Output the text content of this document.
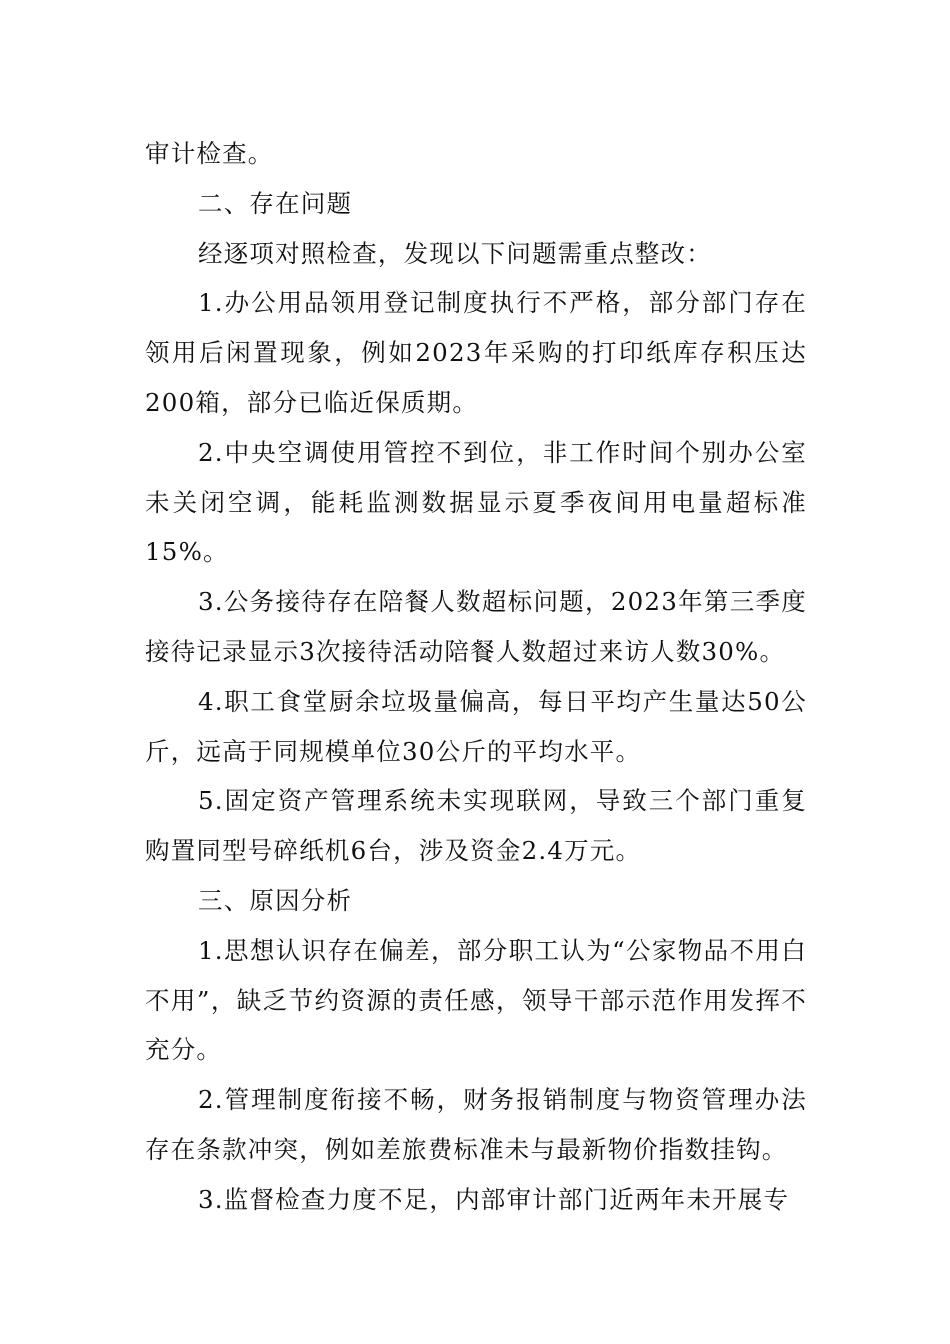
审计检查。

二、存在问题

经逐项对照检查，发现以下问题需重点整改：

1.办公用品领用登记制度执行不严格，部分部门存在领用后闲置现象，例如2023年采购的打印纸库存积压达200箱，部分已临近保质期。

2.中央空调使用管控不到位，非工作时间个别办公室未关闭空调，能耗监测数据显示夏季夜间用电量超标准15%。

3.公务接待存在陪餐人数超标问题，2023年第三季度接待记录显示3次接待活动陪餐人数超过来访人数30%。

4.职工食堂厨余垃圾量偏高，每日平均产生量达50公斤，远高于同规模单位30公斤的平均水平。

5.固定资产管理系统未实现联网，导致三个部门重复购置同型号碎纸机6台，涉及资金2.4万元。

三、原因分析

1.思想认识存在偏差，部分职工认为“公家物品不用白不用”，缺乏节约资源的责任感，领导干部示范作用发挥不充分。

2.管理制度衔接不畅，财务报销制度与物资管理办法存在条款冲突，例如差旅费标准未与最新物价指数挂钩。

3.监督检查力度不足，内部审计部门近两年未开展专
